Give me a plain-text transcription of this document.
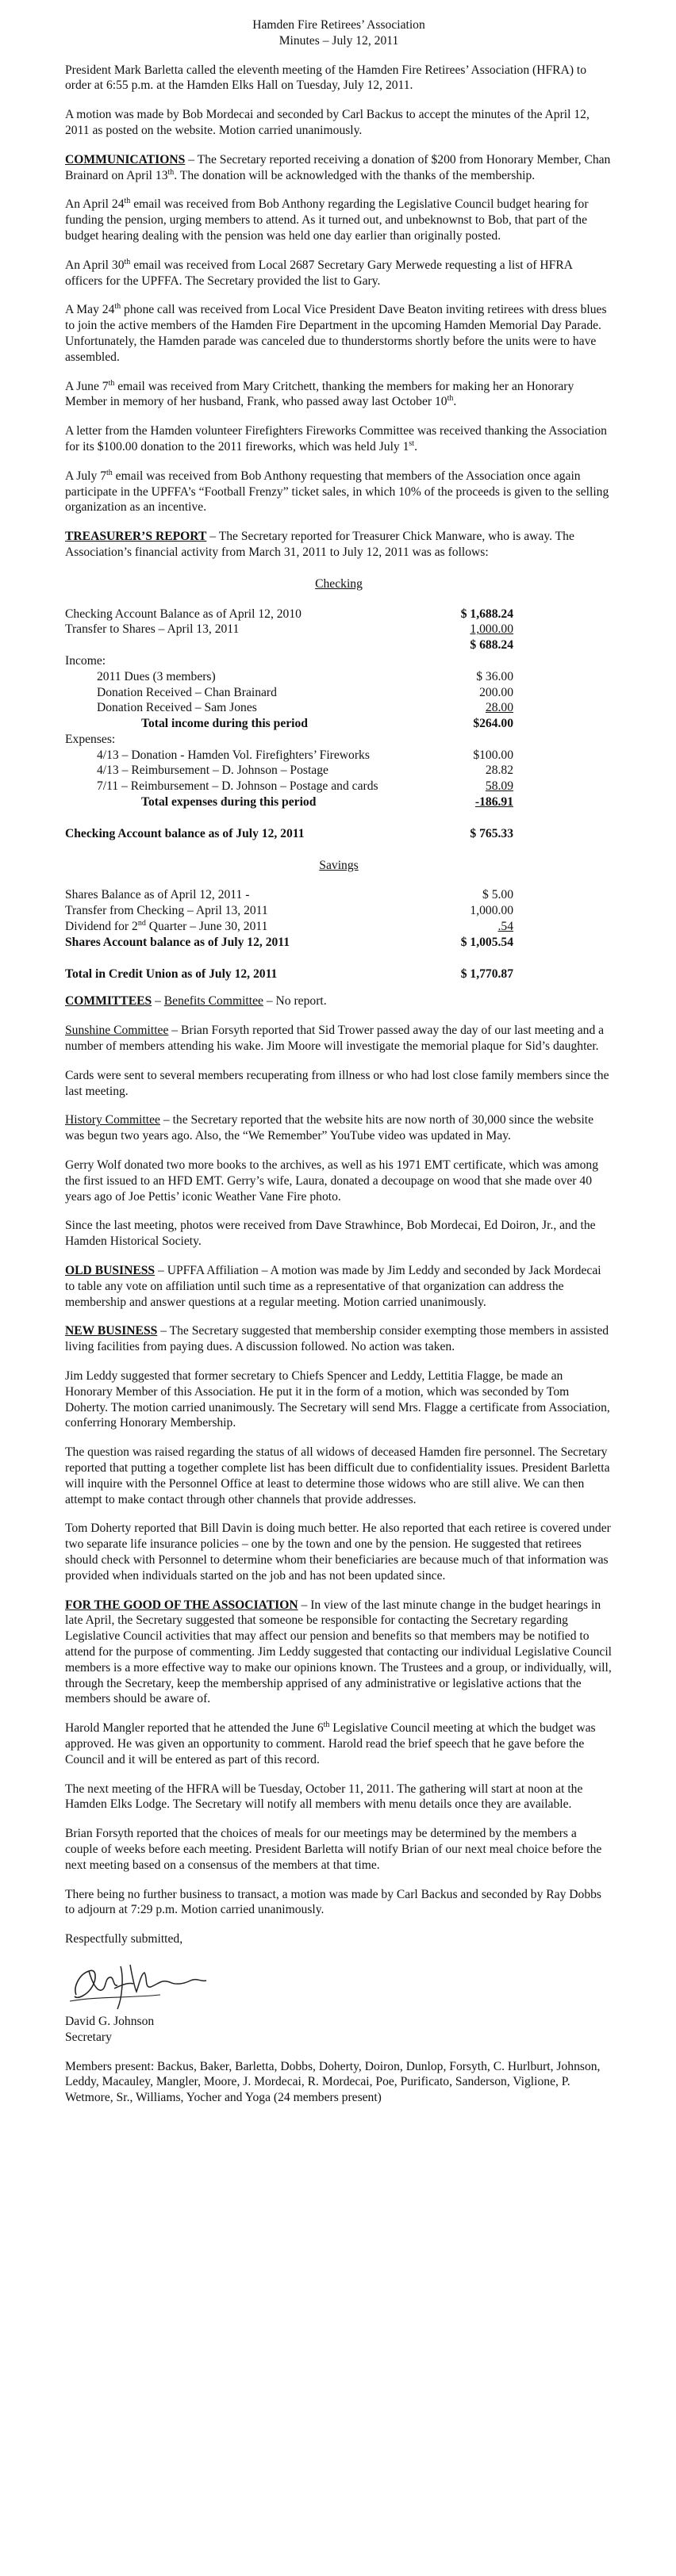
Hamden Fire Retirees’ Association

Minutes – July 12, 2011

President Mark Barletta called the eleventh meeting of the Hamden Fire Retirees’ Association (HFRA) to order at 6:55 p.m. at the Hamden Elks Hall on Tuesday, July 12, 2011.

A motion was made by Bob Mordecai and seconded by Carl Backus to accept the minutes of the April 12, 2011 as posted on the website. Motion carried unanimously.

COMMUNICATIONS – The Secretary reported receiving a donation of $200 from Honorary Member, Chan Brainard on April 13th. The donation will be acknowledged with the thanks of the membership.

An April 24th email was received from Bob Anthony regarding the Legislative Council budget hearing for funding the pension, urging members to attend. As it turned out, and unbeknownst to Bob, that part of the budget hearing dealing with the pension was held one day earlier than originally posted.

An April 30th email was received from Local 2687 Secretary Gary Merwede requesting a list of HFRA officers for the UPFFA. The Secretary provided the list to Gary.

A May 24th phone call was received from Local Vice President Dave Beaton inviting retirees with dress blues to join the active members of the Hamden Fire Department in the upcoming Hamden Memorial Day Parade. Unfortunately, the Hamden parade was canceled due to thunderstorms shortly before the units were to have assembled.

A June 7th email was received from Mary Critchett, thanking the members for making her an Honorary Member in memory of her husband, Frank, who passed away last October 10th.

A letter from the Hamden volunteer Firefighters Fireworks Committee was received thanking the Association for its $100.00 donation to the 2011 fireworks, which was held July 1st.

A July 7th email was received from Bob Anthony requesting that members of the Association once again participate in the UPFFA’s “Football Frenzy” ticket sales, in which 10% of the proceeds is given to the selling organization as an incentive.

TREASURER’S REPORT – The Secretary reported for Treasurer Chick Manware, who is away. The Association’s financial activity from March 31, 2011 to July 12, 2011 was as follows:

Checking
Checking Account Balance as of April 12, 2010	$ 1,688.24
Transfer to Shares – April 13, 2011	1,000.00
$ 688.24
Income:
2011 Dues (3 members)	$ 36.00
Donation Received – Chan Brainard	200.00
Donation Received – Sam Jones	28.00
Total income during this period	$264.00
Expenses:
4/13 – Donation - Hamden Vol. Firefighters’ Fireworks	$100.00
4/13 – Reimbursement – D. Johnson – Postage	28.82
7/11 – Reimbursement – D. Johnson – Postage and cards	58.09
Total expenses during this period	-186.91
Checking Account balance as of July 12, 2011	$ 765.33
Savings
Shares Balance as of April 12, 2011 -	$ 5.00
Transfer from Checking – April 13, 2011	1,000.00
Dividend for 2nd Quarter – June 30, 2011	.54
Shares Account balance as of July 12, 2011	$ 1,005.54
Total in Credit Union as of July 12, 2011	$ 1,770.87

COMMITTEES – Benefits Committee – No report.

Sunshine Committee – Brian Forsyth reported that Sid Trower passed away the day of our last meeting and a number of members attending his wake. Jim Moore will investigate the memorial plaque for Sid’s daughter.

Cards were sent to several members recuperating from illness or who had lost close family members since the last meeting.

History Committee – the Secretary reported that the website hits are now north of 30,000 since the website was begun two years ago. Also, the “We Remember” YouTube video was updated in May.

Gerry Wolf donated two more books to the archives, as well as his 1971 EMT certificate, which was among the first issued to an HFD EMT. Gerry’s wife, Laura, donated a decoupage on wood that she made over 40 years ago of Joe Pettis’ iconic Weather Vane Fire photo.

Since the last meeting, photos were received from Dave Strawhince, Bob Mordecai, Ed Doiron, Jr., and the Hamden Historical Society.

OLD BUSINESS – UPFFA Affiliation – A motion was made by Jim Leddy and seconded by Jack Mordecai to table any vote on affiliation until such time as a representative of that organization can address the membership and answer questions at a regular meeting. Motion carried unanimously.

NEW BUSINESS – The Secretary suggested that membership consider exempting those members in assisted living facilities from paying dues. A discussion followed. No action was taken.

Jim Leddy suggested that former secretary to Chiefs Spencer and Leddy, Lettitia Flagge, be made an Honorary Member of this Association. He put it in the form of a motion, which was seconded by Tom Doherty. The motion carried unanimously. The Secretary will send Mrs. Flagge a certificate from Association, conferring Honorary Membership.

The question was raised regarding the status of all widows of deceased Hamden fire personnel. The Secretary reported that putting a together complete list has been difficult due to confidentiality issues. President Barletta will inquire with the Personnel Office at least to determine those widows who are still alive. We can then attempt to make contact through other channels that provide addresses.

Tom Doherty reported that Bill Davin is doing much better. He also reported that each retiree is covered under two separate life insurance policies – one by the town and one by the pension. He suggested that retirees should check with Personnel to determine whom their beneficiaries are because much of that information was provided when individuals started on the job and has not been updated since.

FOR THE GOOD OF THE ASSOCIATION – In view of the last minute change in the budget hearings in late April, the Secretary suggested that someone be responsible for contacting the Secretary regarding Legislative Council activities that may affect our pension and benefits so that members may be notified to attend for the purpose of commenting. Jim Leddy suggested that contacting our individual Legislative Council members is a more effective way to make our opinions known. The Trustees and a group, or individually, will, through the Secretary, keep the membership apprised of any administrative or legislative actions that the members should be aware of.

Harold Mangler reported that he attended the June 6th Legislative Council meeting at which the budget was approved. He was given an opportunity to comment. Harold read the brief speech that he gave before the Council and it will be entered as part of this record.

The next meeting of the HFRA will be Tuesday, October 11, 2011. The gathering will start at noon at the Hamden Elks Lodge. The Secretary will notify all members with menu details once they are available.

Brian Forsyth reported that the choices of meals for our meetings may be determined by the members a couple of weeks before each meeting. President Barletta will notify Brian of our next meal choice before the next meeting based on a consensus of the members at that time.

There being no further business to transact, a motion was made by Carl Backus and seconded by Ray Dobbs to adjourn at 7:29 p.m. Motion carried unanimously.

Respectfully submitted,

David G. Johnson

Secretary

Members present: Backus, Baker, Barletta, Dobbs, Doherty, Doiron, Dunlop, Forsyth, C. Hurlburt, Johnson, Leddy, Macauley, Mangler, Moore, J. Mordecai, R. Mordecai, Poe, Purificato, Sanderson, Viglione, P. Wetmore, Sr., Williams, Yocher and Yoga (24 members present)
